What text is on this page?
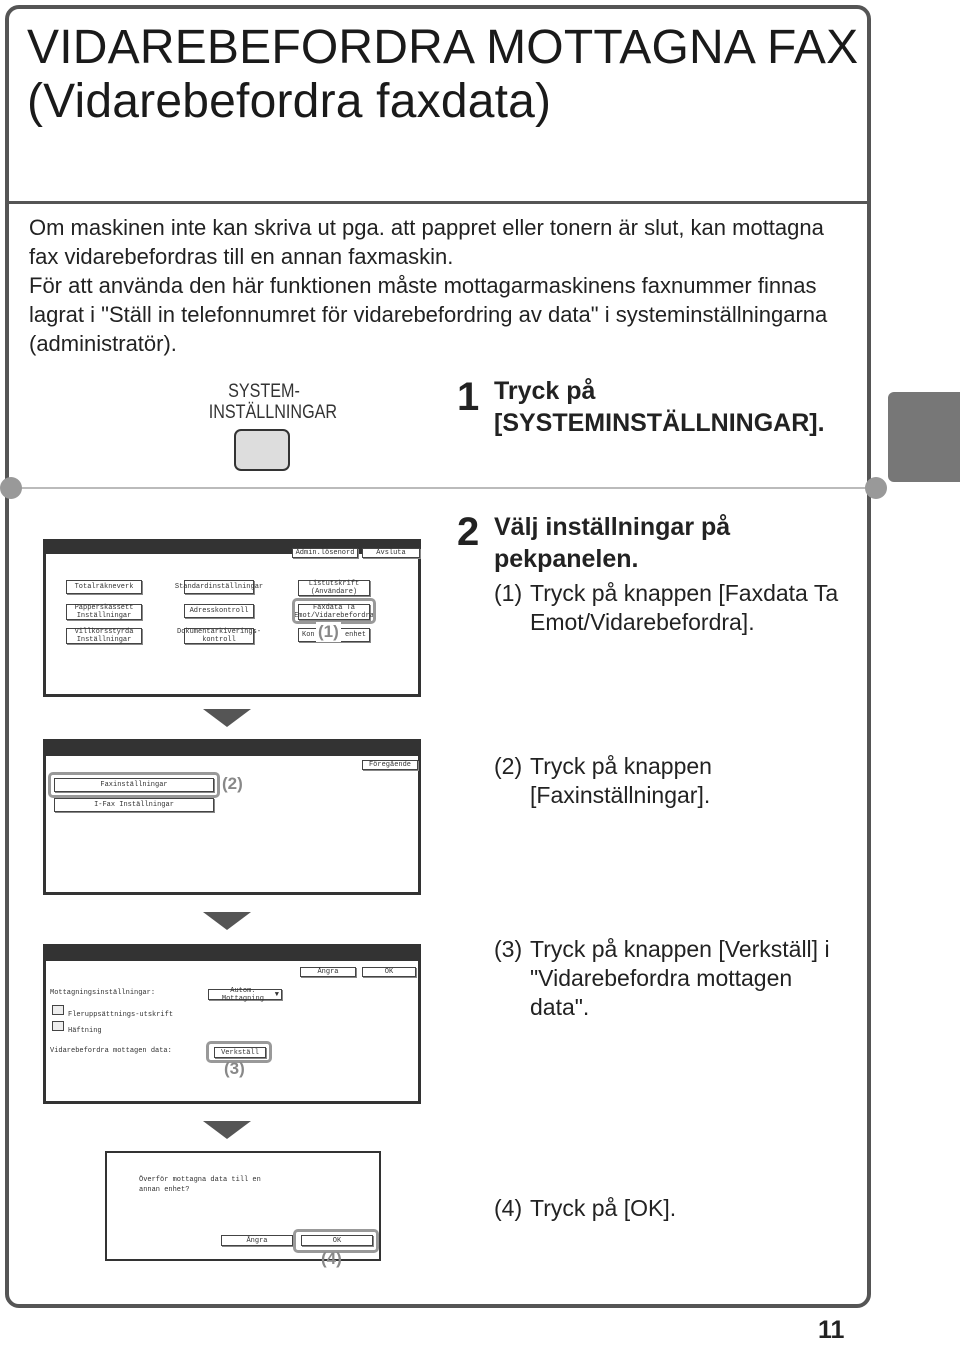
VIDAREBEFORDRA MOTTAGNA FAX (Vidarebefordra faxdata)

Om maskinen inte kan skriva ut pga. att pappret eller tonern är slut, kan mottagna fax vidarebefordras till en annan faxmaskin.

För att använda den här funktionen måste mottagarmaskinens faxnummer finnas lagrat i "Ställ in telefonnumret för vidarebefordring av data" i systeminställningarna (administratör).

SYSTEM-
INSTÄLLNINGAR	1 Tryck på [SYSTEMINSTÄLLNINGAR].
2 Välj inställningar på pekpanelen.
(1) Tryck på knappen [Faxdata Ta Emot/Vidarebefordra].
(2) Tryck på knappen [Faxinställningar].
(3) Tryck på knappen [Verkställ] i "Vidarebefordra mottagen data".
(4) Tryck på [OK].
Admin.lösenord	Avsluta
Totalräkneverk
Papperskassett Inställningar
Villkorsstyrda Inställningar
Standardinställningar
Adresskontroll
Dokumentarkiverings- kontroll
Listutskrift (Användare)
Faxdata Ta Emot/Vidarebefordra
Kon	enhet
(1)
Föregående
Faxinställningar
I-Fax Inställningar
(2)
Ångra	OK
Mottagningsinställningar:	Autom. Mottagning	▼
Fleruppsättnings-utskrift
Häftning
Vidarebefordra mottagen data:	Verkställ
(3)
Överför mottagna data till en annan enhet?
Ångra	OK
(4)
11
